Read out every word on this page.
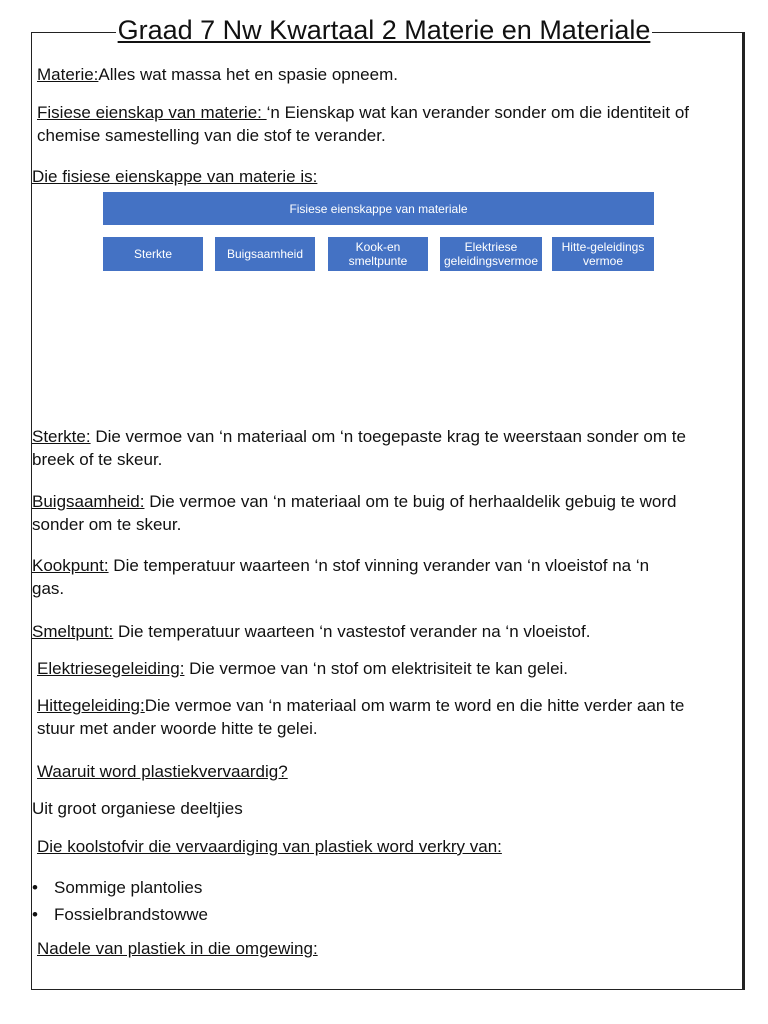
Graad 7 Nw Kwartaal 2 Materie en Materiale
Materie:Alles wat massa het en spasie opneem.
Fisiese eienskap van materie: ‘n Eienskap wat kan verander sonder om die identiteit of
chemise samestelling van die stof te verander.
Die fisiese eienskappe van materie is:
Fisiese eienskappe van materiale
Sterkte	Buigsaamheid	Kook-en smeltpunte
Elektriese geleidingsvermoe
Hitte-geleidings vermoe
Sterkte: Die vermoe van ‘n materiaal om ‘n toegepaste krag te weerstaan sonder om te
breek of te skeur.
Buigsaamheid: Die vermoe van ‘n materiaal om te buig of herhaaldelik gebuig te word
sonder om te skeur.
Kookpunt: Die temperatuur waarteen ‘n stof vinning verander van ‘n vloeistof na ‘n
gas.
Smeltpunt: Die temperatuur waarteen ‘n vastestof verander na ‘n vloeistof.
Elektriesegeleiding: Die vermoe van ‘n stof om elektrisiteit te kan gelei.
Hittegeleiding:Die vermoe van ‘n materiaal om warm te word en die hitte verder aan te
stuur met ander woorde hitte te gelei.
Waaruit word plastiekvervaardig?
Uit groot organiese deeltjies
Die koolstofvir die vervaardiging van plastiek word verkry van:
• Sommige plantolies
• Fossielbrandstowwe
Nadele van plastiek in die omgewing:
